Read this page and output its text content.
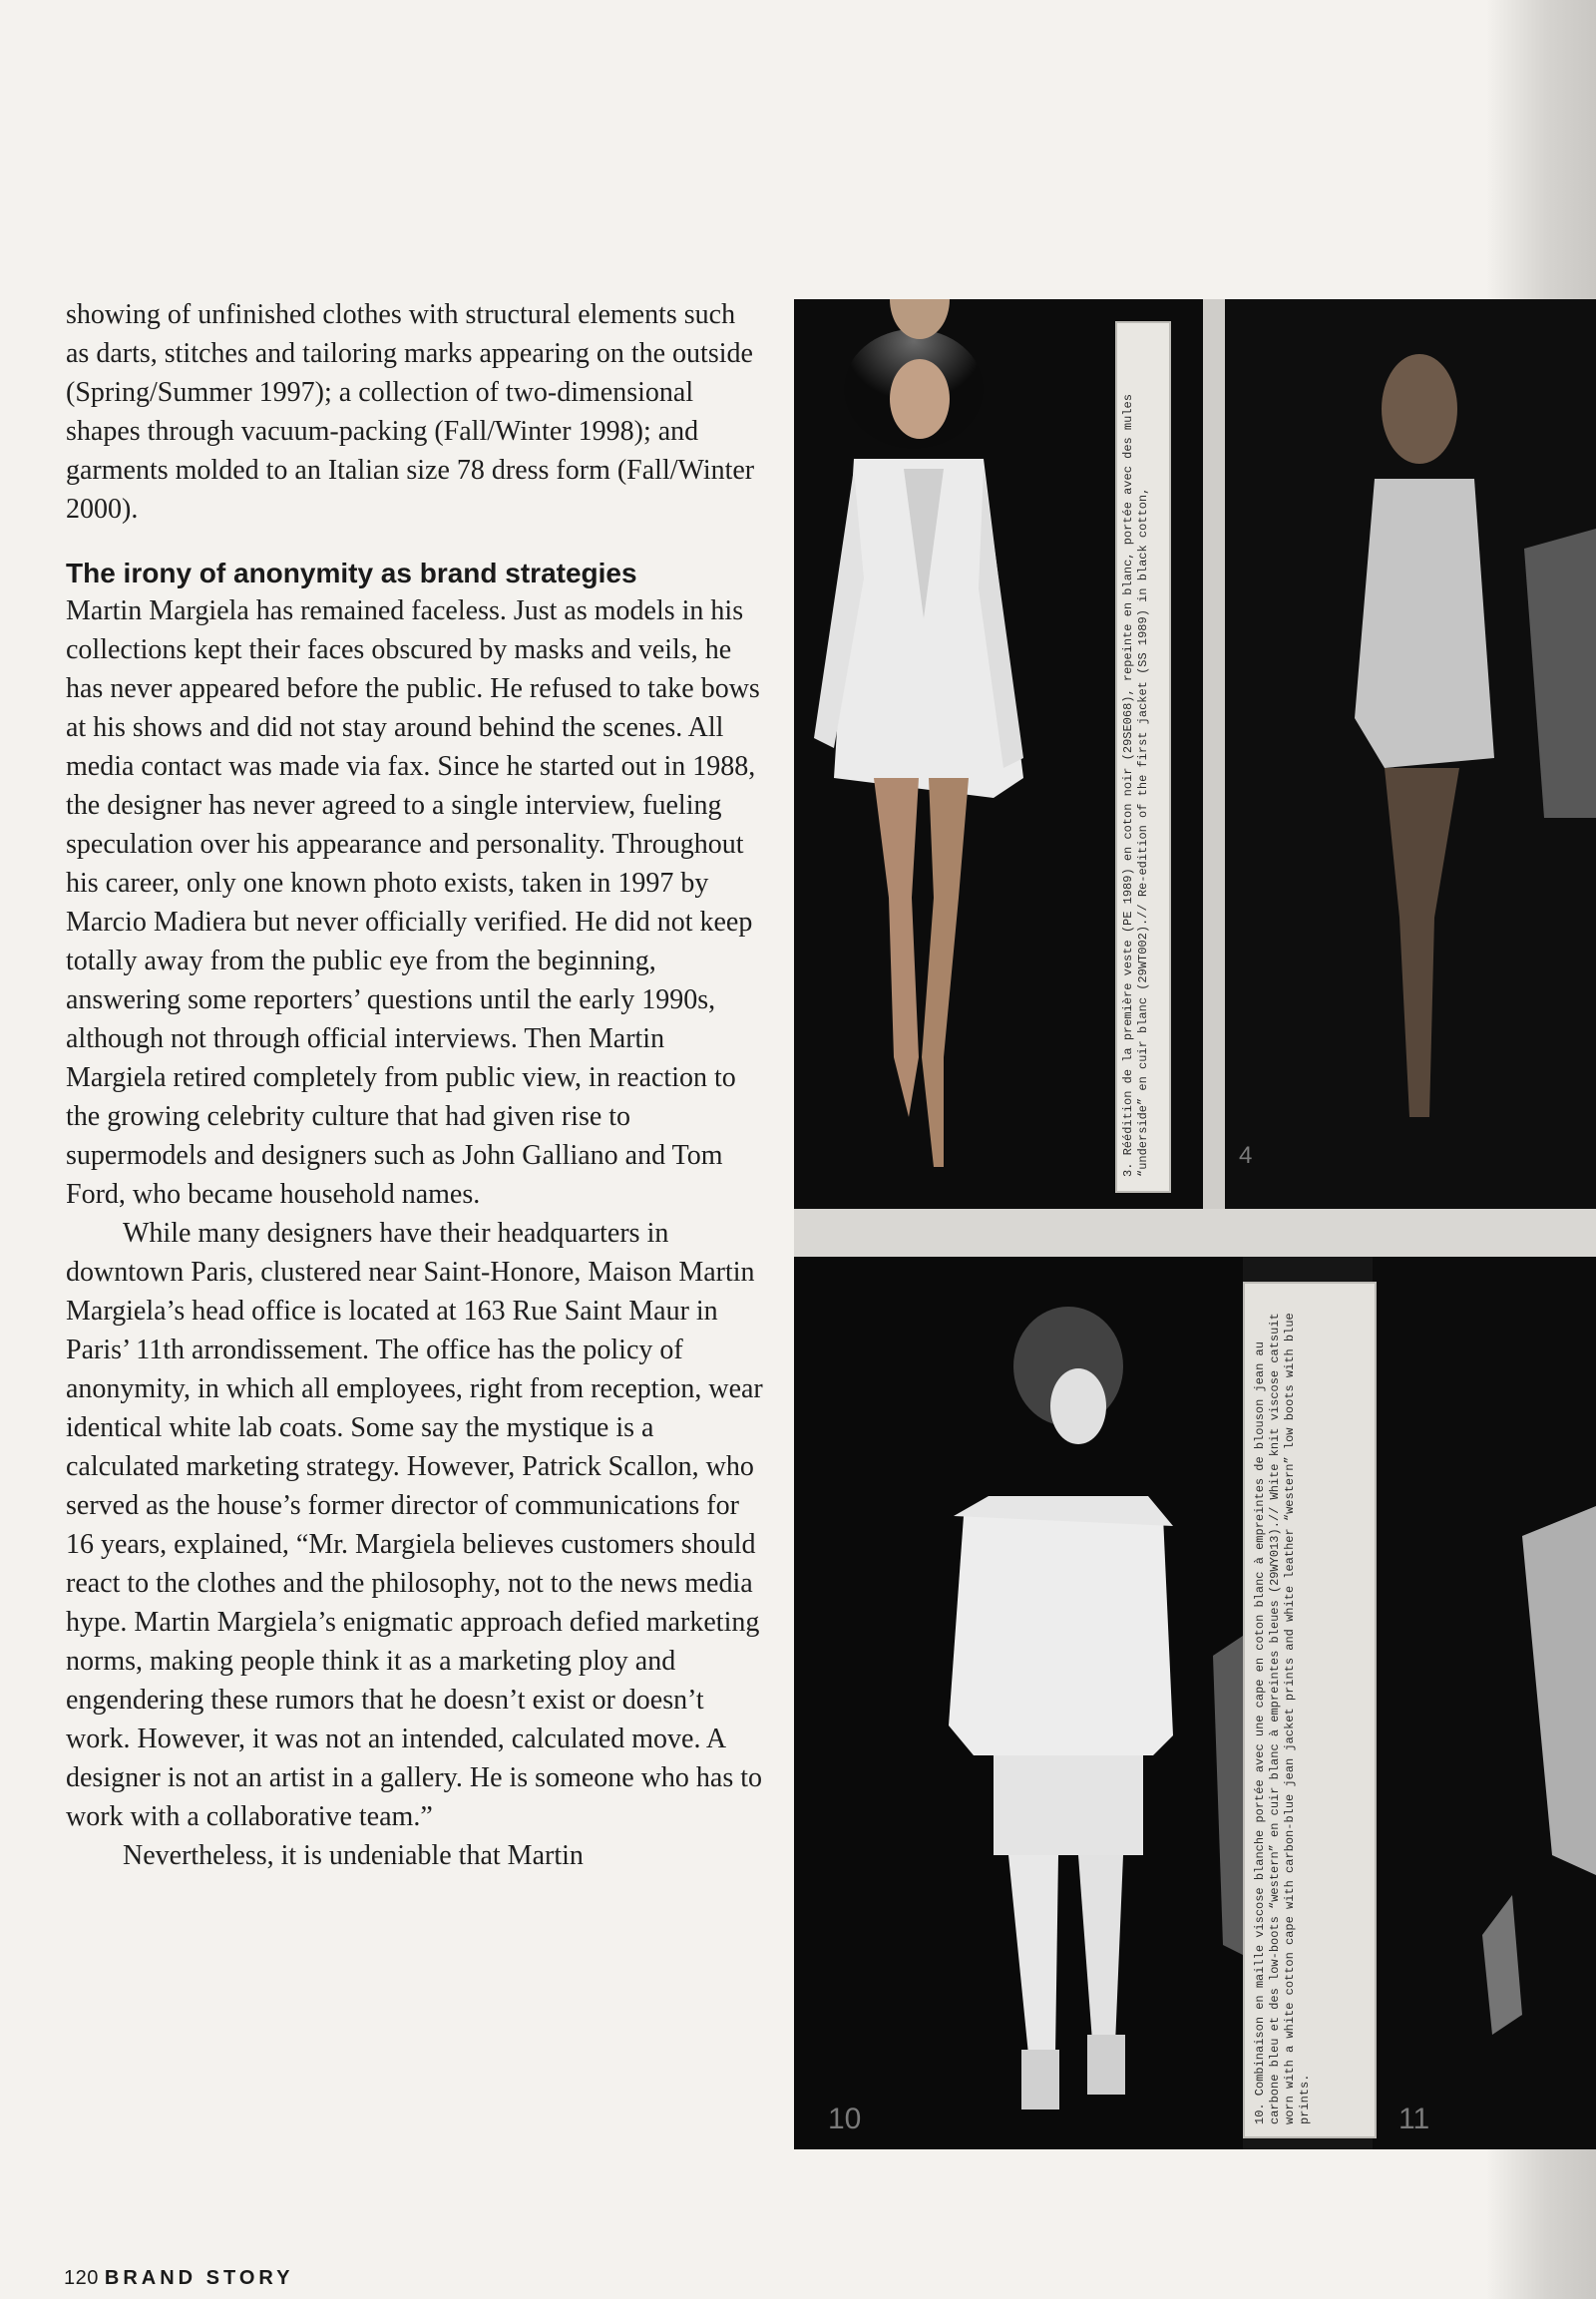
showing of unfinished clothes with structural elements such as darts, stitches and tailoring marks appearing on the outside (Spring/Summer 1997); a collection of two-dimensional shapes through vacuum-packing (Fall/Winter 1998); and garments molded to an Italian size 78 dress form (Fall/Winter 2000).

The irony of anonymity as brand strategies

Martin Margiela has remained faceless. Just as models in his collections kept their faces obscured by masks and veils, he has never appeared before the public. He refused to take bows at his shows and did not stay around behind the scenes. All media contact was made via fax. Since he started out in 1988, the designer has never agreed to a single interview, fueling speculation over his appearance and personality. Throughout his career, only one known photo exists, taken in 1997 by Marcio Madiera but never officially verified. He did not keep totally away from the public eye from the beginning, answering some reporters’ questions until the early 1990s, although not through official interviews. Then Martin Margiela retired completely from public view, in reaction to the growing celebrity culture that had given rise to supermodels and designers such as John Galliano and Tom Ford, who became household names.

While many designers have their headquarters in downtown Paris, clustered near Saint-Honore, Maison Martin Margiela’s head office is located at 163 Rue Saint Maur in Paris’ 11th arrondissement. The office has the policy of anonymity, in which all employees, right from reception, wear identical white lab coats. Some say the mystique is a calculated marketing strategy. However, Patrick Scallon, who served as the house’s former director of communications for 16 years, explained, “Mr. Margiela believes customers should react to the clothes and the philosophy, not to the news media hype. Martin Margiela’s enigmatic approach defied marketing norms, making people think it as a marketing ploy and engendering these rumors that he doesn’t exist or doesn’t work. However, it was not an intended, calculated move. A designer is not an artist in a gallery. He is someone who has to work with a collaborative team.”

Nevertheless, it is undeniable that Martin

3. Réédition de la première veste (PE 1989) en coton noir (29SE068), repeinte en blanc, portée avec des mules “underside” en cuir blanc (29WT002).// Re-edition of the first jacket (SS 1989) in black cotton,
10. Combinaison en maille viscose blanche portée avec une cape en coton blanc à empreintes de blouson jean au carbone bleu et des low-boots “western” en cuir blanc à empreintes bleues (29WY013).// White knit viscose catsuit worn with a white cotton cape with carbon-blue jean jacket prints and white leather “western” low boots with blue prints.
10	11
4
120 BRAND STORY
